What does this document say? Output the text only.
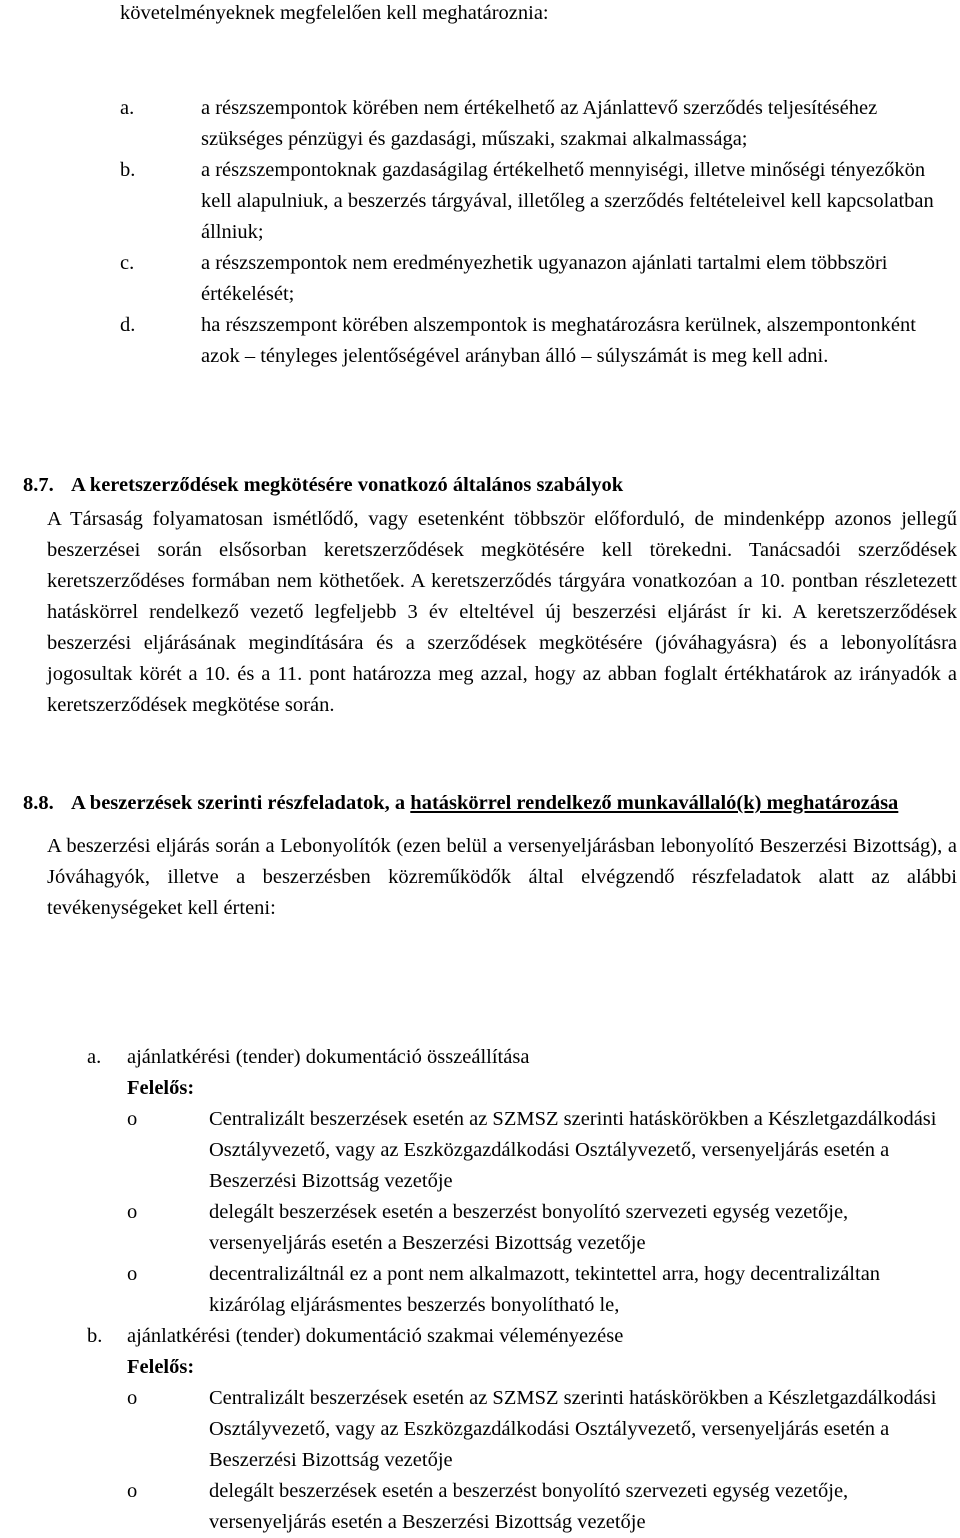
követelményeknek megfelelően kell meghatároznia:
a.	a részszempontok körében nem értékelhető az Ajánlattevő szerződés teljesítéséhez szükséges pénzügyi és gazdasági, műszaki, szakmai alkalmassága;
b.	a részszempontoknak gazdaságilag értékelhető mennyiségi, illetve minőségi tényezőkön kell alapulniuk, a beszerzés tárgyával, illetőleg a szerződés feltételeivel kell kapcsolatban állniuk;
c.	a részszempontok nem eredményezhetik ugyanazon ajánlati tartalmi elem többszöri értékelését;
d.	ha részszempont körében alszempontok is meghatározásra kerülnek, alszempontonként azok – tényleges jelentőségével arányban álló – súlyszámát is meg kell adni.
8.7. A keretszerződések megkötésére vonatkozó általános szabályok
A Társaság folyamatosan ismétlődő, vagy esetenként többször előforduló, de mindenképp azonos jellegű beszerzései során elsősorban keretszerződések megkötésére kell törekedni. Tanácsadói szerződések keretszerződéses formában nem köthetőek. A keretszerződés tárgyára vonatkozóan a 10. pontban részletezett hatáskörrel rendelkező vezető legfeljebb 3 év elteltével új beszerzési eljárást ír ki. A keretszerződések beszerzési eljárásának megindítására és a szerződések megkötésére (jóváhagyásra) és a lebonyolításra jogosultak körét a 10. és a 11. pont határozza meg azzal, hogy az abban foglalt értékhatárok az irányadók a keretszerződések megkötése során.
8.8. A beszerzések szerinti részfeladatok, a hatáskörrel rendelkező munkavállaló(k) meghatározása
A beszerzési eljárás során a Lebonyolítók (ezen belül a versenyeljárásban lebonyolító Beszerzési Bizottság), a Jóváhagyók, illetve a beszerzésben közreműködők által elvégzendő részfeladatok alatt az alábbi tevékenységeket kell érteni:
a.	ajánlatkérési (tender) dokumentáció összeállítása
Felelős:
o	Centralizált beszerzések esetén az SZMSZ szerinti hatáskörökben a Készletgazdálkodási Osztályvezető, vagy az Eszközgazdálkodási Osztályvezető, versenyeljárás esetén a Beszerzési Bizottság vezetője
o	delegált beszerzések esetén a beszerzést bonyolító szervezeti egység vezetője, versenyeljárás esetén a Beszerzési Bizottság vezetője
o	decentralizáltnál ez a pont nem alkalmazott, tekintettel arra, hogy decentralizáltan kizárólag eljárásmentes beszerzés bonyolítható le,
b.	ajánlatkérési (tender) dokumentáció szakmai véleményezése
Felelős:
o	Centralizált beszerzések esetén az SZMSZ szerinti hatáskörökben a Készletgazdálkodási Osztályvezető, vagy az Eszközgazdálkodási Osztályvezető, versenyeljárás esetén a Beszerzési Bizottság vezetője
o	delegált beszerzések esetén a beszerzést bonyolító szervezeti egység vezetője, versenyeljárás esetén a Beszerzési Bizottság vezetője
